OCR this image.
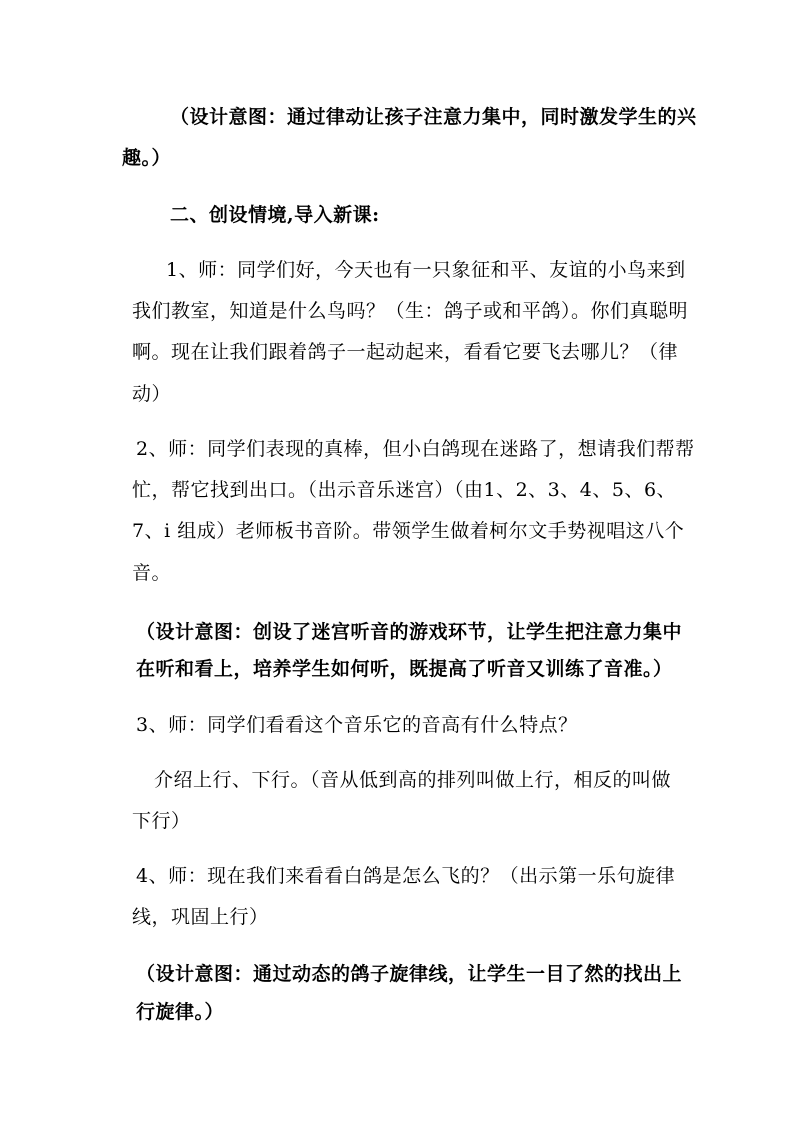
（设计意图：通过律动让孩子注意力集中，同时激发学生的兴
趣。）
二、创设情境,导入新课:
1、师：同学们好，今天也有一只象征和平、友谊的小鸟来到
我们教室，知道是什么鸟吗？（生：鸽子或和平鸽）。你们真聪明
啊。现在让我们跟着鸽子一起动起来，看看它要飞去哪儿？（律
动）
2、师：同学们表现的真棒，但小白鸽现在迷路了，想请我们帮帮
忙，帮它找到出口。（出示音乐迷宫）（由1、2、3、4、5、6、
7、i 组成）老师板书音阶。带领学生做着柯尔文手势视唱这八个
音。
（设计意图：创设了迷宫听音的游戏环节，让学生把注意力集中
在听和看上，培养学生如何听，既提高了听音又训练了音准。）
3、师：同学们看看这个音乐它的音高有什么特点？
介绍上行、下行。（音从低到高的排列叫做上行，相反的叫做
下行）
4、师：现在我们来看看白鸽是怎么飞的？（出示第一乐句旋律
线，巩固上行）
（设计意图：通过动态的鸽子旋律线，让学生一目了然的找出上
行旋律。）
